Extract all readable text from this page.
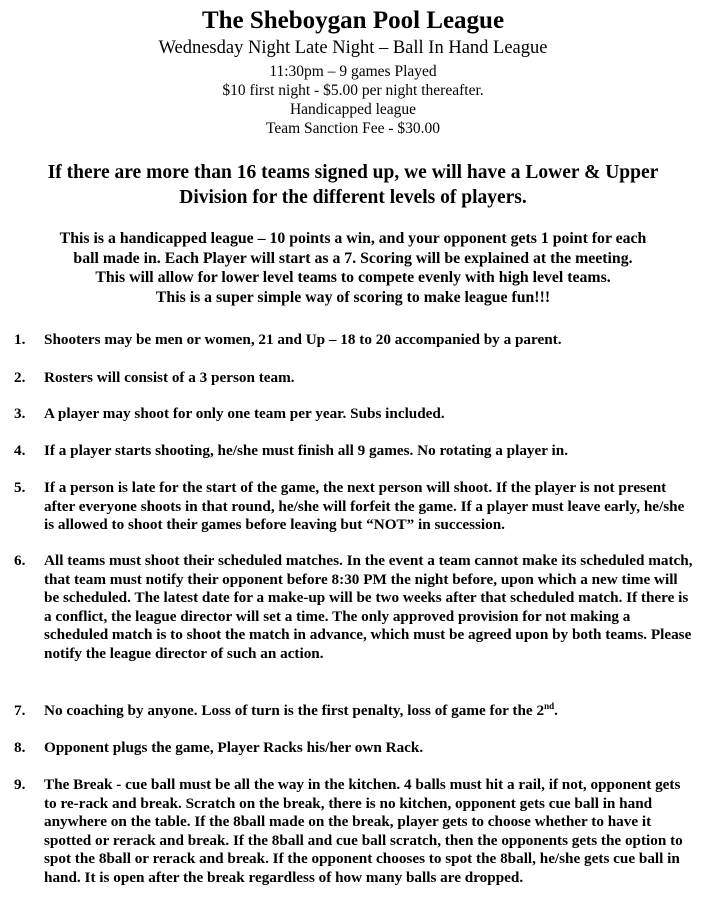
The Sheboygan Pool League
Wednesday Night Late Night – Ball In Hand League
11:30pm – 9 games Played
$10 first night - $5.00 per night thereafter.
Handicapped league
Team Sanction Fee - $30.00
If there are more than 16 teams signed up, we will have a Lower & Upper
Division for the different levels of players.
This is a handicapped league – 10 points a win, and your opponent gets 1 point for each
ball made in. Each Player will start as a 7. Scoring will be explained at the meeting.
This will allow for lower level teams to compete evenly with high level teams.
This is a super simple way of scoring to make league fun!!!
1. Shooters may be men or women, 21 and Up – 18 to 20 accompanied by a parent.
2. Rosters will consist of a 3 person team.
3. A player may shoot for only one team per year. Subs included.
4. If a player starts shooting, he/she must finish all 9 games. No rotating a player in.
5. If a person is late for the start of the game, the next person will shoot. If the player is not present after everyone shoots in that round, he/she will forfeit the game. If a player must leave early, he/she is allowed to shoot their games before leaving but “NOT” in succession.
6. All teams must shoot their scheduled matches. In the event a team cannot make its scheduled match, that team must notify their opponent before 8:30 PM the night before, upon which a new time will be scheduled. The latest date for a make-up will be two weeks after that scheduled match. If there is a conflict, the league director will set a time. The only approved provision for not making a scheduled match is to shoot the match in advance, which must be agreed upon by both teams. Please notify the league director of such an action.
7. No coaching by anyone. Loss of turn is the first penalty, loss of game for the 2nd.
8. Opponent plugs the game, Player Racks his/her own Rack.
9. The Break - cue ball must be all the way in the kitchen. 4 balls must hit a rail, if not, opponent gets to re-rack and break. Scratch on the break, there is no kitchen, opponent gets cue ball in hand anywhere on the table. If the 8ball made on the break, player gets to choose whether to have it spotted or rerack and break. If the 8ball and cue ball scratch, then the opponents gets the option to spot the 8ball or rerack and break. If the opponent chooses to spot the 8ball, he/she gets cue ball in hand. It is open after the break regardless of how many balls are dropped.
